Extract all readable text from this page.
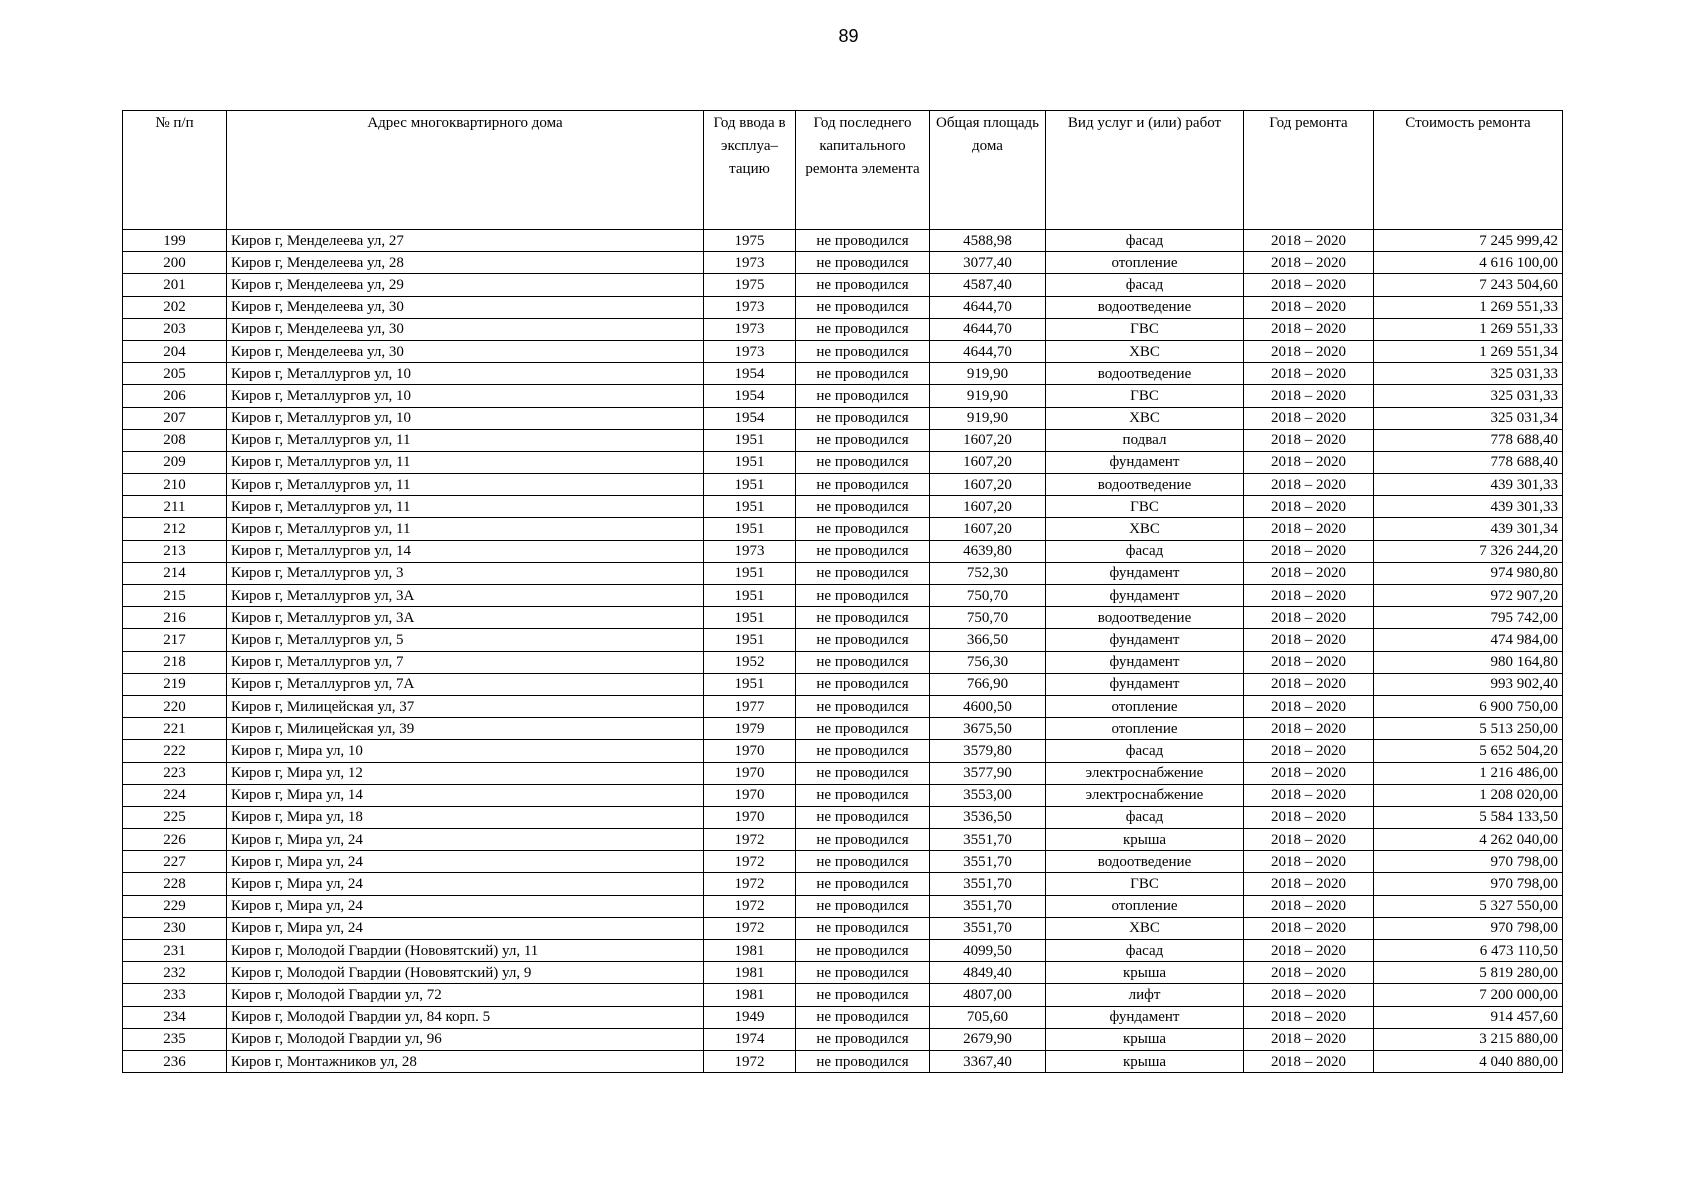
89
№ п/п	Адрес многоквартирного дома	Год ввода в эксплуа–тацию	Год последнего капитального ремонта элемента	Общая площадь дома	Вид услуг и (или) работ	Год ремонта	Стоимость ремонта
199	Киров г, Менделеева ул, 27	1975	не проводился	4588,98	фасад	2018 – 2020	7 245 999,42
200	Киров г, Менделеева ул, 28	1973	не проводился	3077,40	отопление	2018 – 2020	4 616 100,00
201	Киров г, Менделеева ул, 29	1975	не проводился	4587,40	фасад	2018 – 2020	7 243 504,60
202	Киров г, Менделеева ул, 30	1973	не проводился	4644,70	водоотведение	2018 – 2020	1 269 551,33
203	Киров г, Менделеева ул, 30	1973	не проводился	4644,70	ГВС	2018 – 2020	1 269 551,33
204	Киров г, Менделеева ул, 30	1973	не проводился	4644,70	ХВС	2018 – 2020	1 269 551,34
205	Киров г, Металлургов ул, 10	1954	не проводился	919,90	водоотведение	2018 – 2020	325 031,33
206	Киров г, Металлургов ул, 10	1954	не проводился	919,90	ГВС	2018 – 2020	325 031,33
207	Киров г, Металлургов ул, 10	1954	не проводился	919,90	ХВС	2018 – 2020	325 031,34
208	Киров г, Металлургов ул, 11	1951	не проводился	1607,20	подвал	2018 – 2020	778 688,40
209	Киров г, Металлургов ул, 11	1951	не проводился	1607,20	фундамент	2018 – 2020	778 688,40
210	Киров г, Металлургов ул, 11	1951	не проводился	1607,20	водоотведение	2018 – 2020	439 301,33
211	Киров г, Металлургов ул, 11	1951	не проводился	1607,20	ГВС	2018 – 2020	439 301,33
212	Киров г, Металлургов ул, 11	1951	не проводился	1607,20	ХВС	2018 – 2020	439 301,34
213	Киров г, Металлургов ул, 14	1973	не проводился	4639,80	фасад	2018 – 2020	7 326 244,20
214	Киров г, Металлургов ул, 3	1951	не проводился	752,30	фундамент	2018 – 2020	974 980,80
215	Киров г, Металлургов ул, 3А	1951	не проводился	750,70	фундамент	2018 – 2020	972 907,20
216	Киров г, Металлургов ул, 3А	1951	не проводился	750,70	водоотведение	2018 – 2020	795 742,00
217	Киров г, Металлургов ул, 5	1951	не проводился	366,50	фундамент	2018 – 2020	474 984,00
218	Киров г, Металлургов ул, 7	1952	не проводился	756,30	фундамент	2018 – 2020	980 164,80
219	Киров г, Металлургов ул, 7А	1951	не проводился	766,90	фундамент	2018 – 2020	993 902,40
220	Киров г, Милицейская ул, 37	1977	не проводился	4600,50	отопление	2018 – 2020	6 900 750,00
221	Киров г, Милицейская ул, 39	1979	не проводился	3675,50	отопление	2018 – 2020	5 513 250,00
222	Киров г, Мира ул, 10	1970	не проводился	3579,80	фасад	2018 – 2020	5 652 504,20
223	Киров г, Мира ул, 12	1970	не проводился	3577,90	электроснабжение	2018 – 2020	1 216 486,00
224	Киров г, Мира ул, 14	1970	не проводился	3553,00	электроснабжение	2018 – 2020	1 208 020,00
225	Киров г, Мира ул, 18	1970	не проводился	3536,50	фасад	2018 – 2020	5 584 133,50
226	Киров г, Мира ул, 24	1972	не проводился	3551,70	крыша	2018 – 2020	4 262 040,00
227	Киров г, Мира ул, 24	1972	не проводился	3551,70	водоотведение	2018 – 2020	970 798,00
228	Киров г, Мира ул, 24	1972	не проводился	3551,70	ГВС	2018 – 2020	970 798,00
229	Киров г, Мира ул, 24	1972	не проводился	3551,70	отопление	2018 – 2020	5 327 550,00
230	Киров г, Мира ул, 24	1972	не проводился	3551,70	ХВС	2018 – 2020	970 798,00
231	Киров г, Молодой Гвардии (Нововятский) ул, 11	1981	не проводился	4099,50	фасад	2018 – 2020	6 473 110,50
232	Киров г, Молодой Гвардии (Нововятский) ул, 9	1981	не проводился	4849,40	крыша	2018 – 2020	5 819 280,00
233	Киров г, Молодой Гвардии ул, 72	1981	не проводился	4807,00	лифт	2018 – 2020	7 200 000,00
234	Киров г, Молодой Гвардии ул, 84 корп. 5	1949	не проводился	705,60	фундамент	2018 – 2020	914 457,60
235	Киров г, Молодой Гвардии ул, 96	1974	не проводился	2679,90	крыша	2018 – 2020	3 215 880,00
236	Киров г, Монтажников ул, 28	1972	не проводился	3367,40	крыша	2018 – 2020	4 040 880,00
